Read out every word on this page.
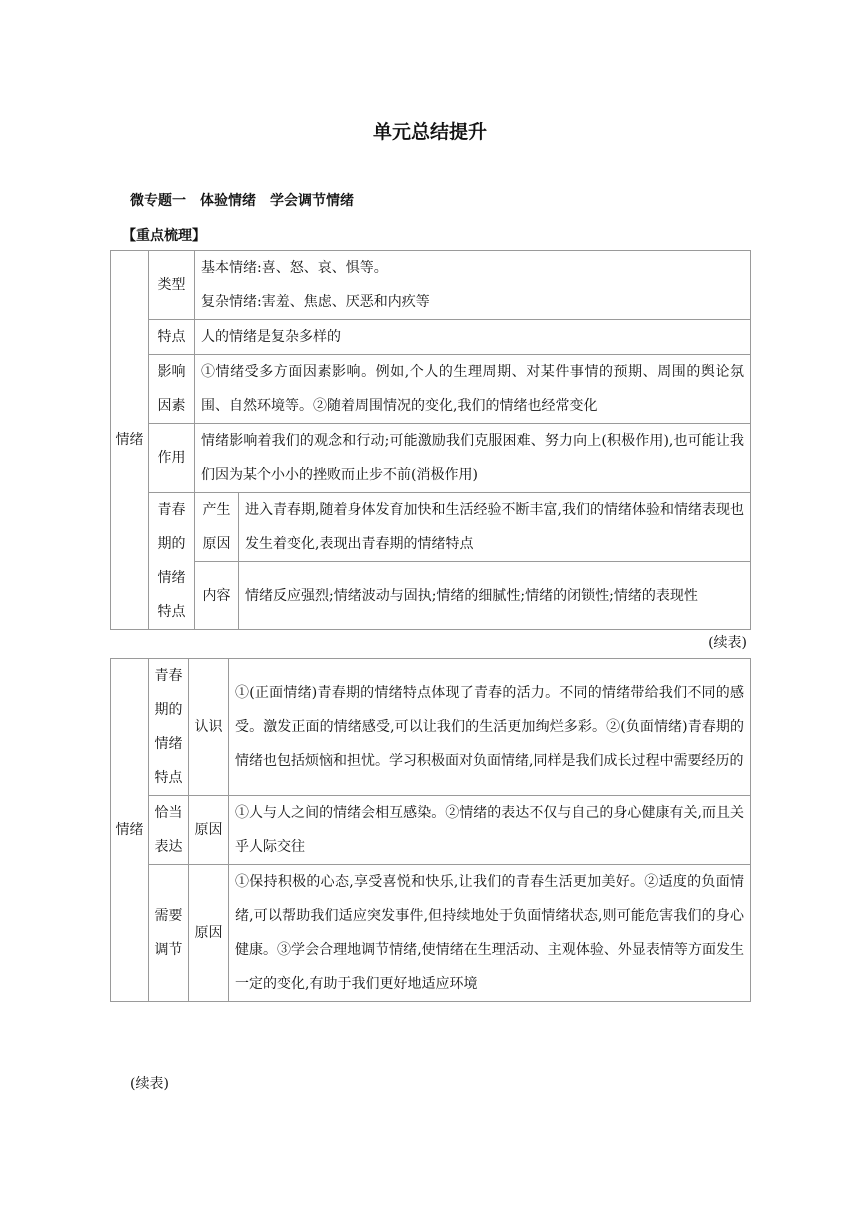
单元总结提升
微专题一　体验情绪　学会调节情绪
【重点梳理】
情绪	类型	基本情绪:喜、怒、哀、惧等。
复杂情绪:害羞、焦虑、厌恶和内疚等	

	特点	人的情绪是复杂多样的	
	影响因素	①情绪受多方面因素影响。例如,个人的生理周期、对某件事情的预期、周围的舆论氛围、自然环境等。②随着周围情况的变化,我们的情绪也经常变化	
	作用	情绪影响着我们的观念和行动;可能激励我们克服困难、努力向上(积极作用),也可能让我们因为某个小小的挫败而止步不前(消极作用)	
	青春期的情绪特点	产生原因	进入青春期,随着身体发育加快和生活经验不断丰富,我们的情绪体验和情绪表现也发生着变化,表现出青春期的情绪特点
		内容	情绪反应强烈;情绪波动与固执;情绪的细腻性;情绪的闭锁性;情绪的表现性
(续表)
情绪	青春期的情绪特点	认识	①(正面情绪)青春期的情绪特点体现了青春的活力。不同的情绪带给我们不同的感受。激发正面的情绪感受,可以让我们的生活更加绚烂多彩。②(负面情绪)青春期的情绪也包括烦恼和担忧。学习积极面对负面情绪,同样是我们成长过程中需要经历的
	恰当表达	原因	①人与人之间的情绪会相互感染。②情绪的表达不仅与自己的身心健康有关,而且关乎人际交往
	需要调节	原因	①保持积极的心态,享受喜悦和快乐,让我们的青春生活更加美好。②适度的负面情绪,可以帮助我们适应突发事件,但持续地处于负面情绪状态,则可能危害我们的身心健康。③学会合理地调节情绪,使情绪在生理活动、主观体验、外显表情等方面发生一定的变化,有助于我们更好地适应环境
(续表)
